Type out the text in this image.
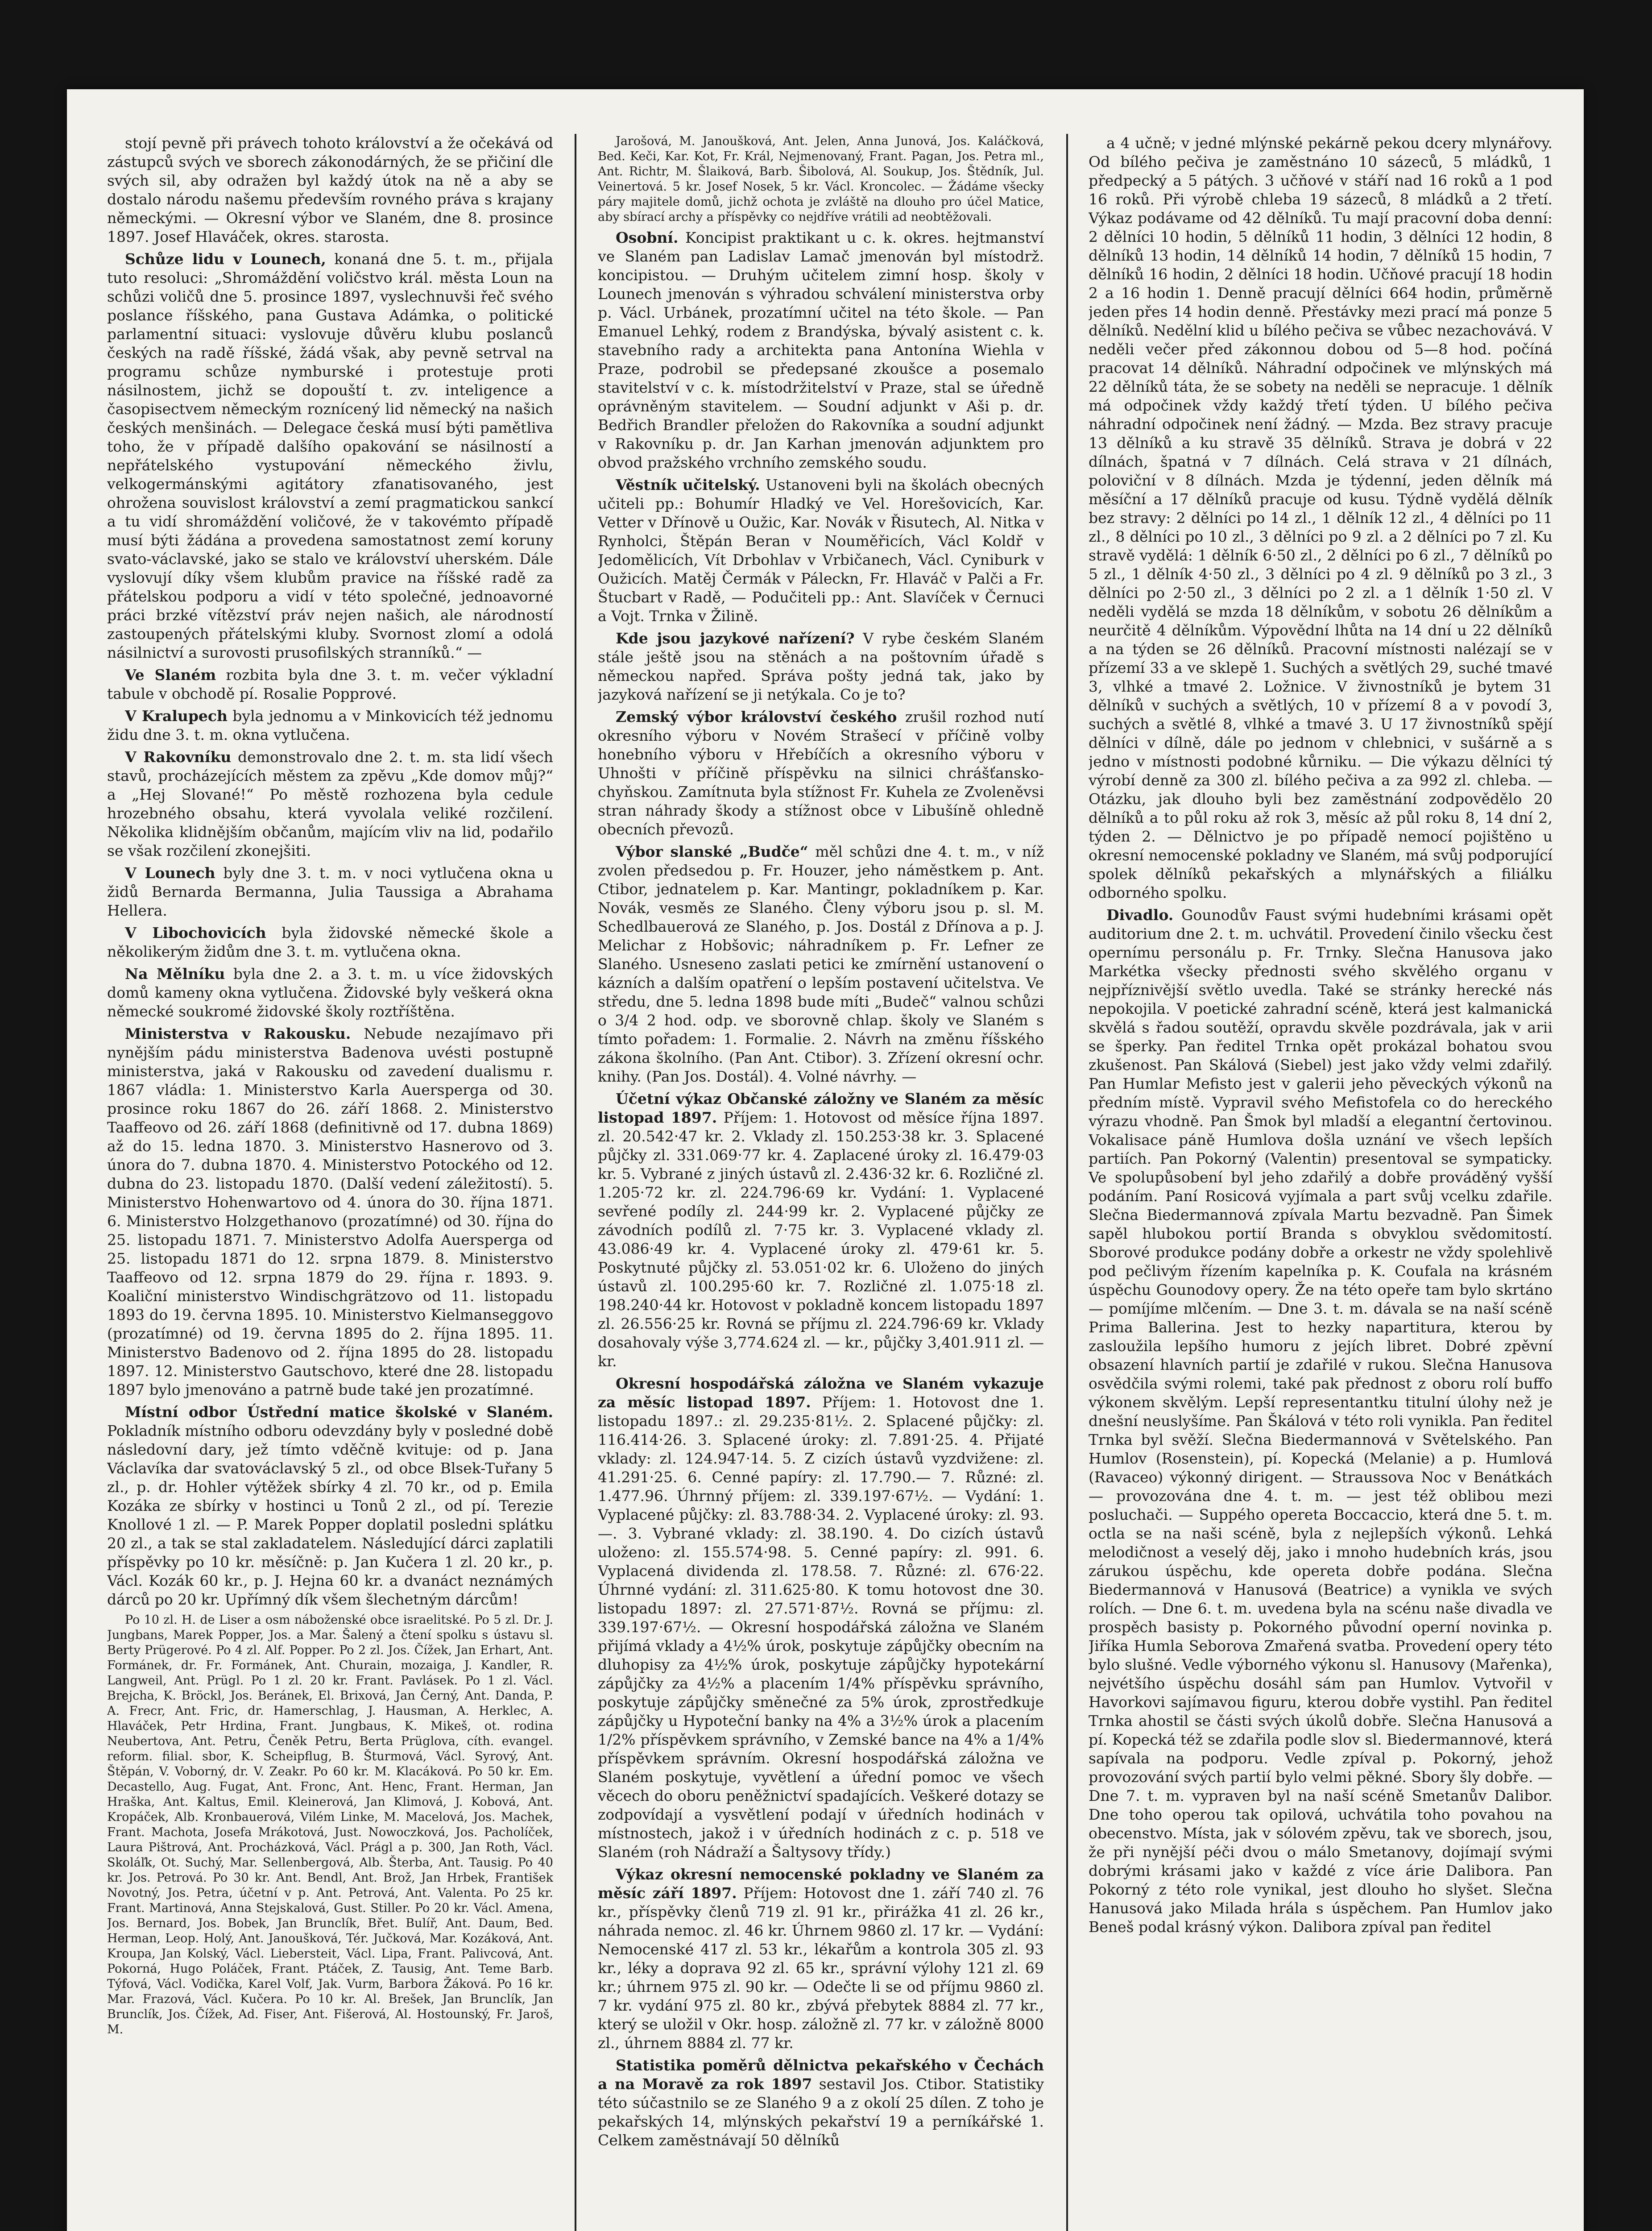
stojí pevně při právech tohoto království a že očekává od zástupců svých ve sborech zákonodárných, že se přičiní dle svých sil, aby odražen byl každý útok na ně a aby se dostalo národu našemu především rovného práva s krajany německými. — Okresní výbor ve Slaném, dne 8. prosince 1897. Josef Hlaváček, okres. starosta.

Schůze lidu v Lounech, konaná dne 5. t. m., přijala tuto resoluci: „Shromáždění voličstvo král. města Loun na schůzi voličů dne 5. prosince 1897, vyslechnuvši řeč svého poslance říšského, pana Gustava Adámka, o politické parlamentní situaci: vyslovuje důvěru klubu poslanců českých na radě říšské, žádá však, aby pevně setrval na programu schůze nymburské i protestuje proti násilnostem, jichž se dopouští t. zv. inteligence a časopisectvem německým roznícený lid německý na našich českých menšinách. — Delegace česká musí býti pamětliva toho, že v případě dalšího opakování se násilností a nepřátelského vystupování německého živlu, velkogermánskými agitátory zfanatisovaného, jest ohrožena souvislost království a zemí pragmatickou sankcí a tu vidí shromáždění voličové, že v takovémto případě musí býti žádána a provedena samostatnost zemí koruny svato-václavské, jako se stalo ve království uherském. Dále vyslovují díky všem klubům pravice na říšské radě za přátelskou podporu a vidí v této společné, jednoavorné práci brzké vítězství práv nejen našich, ale národností zastoupených přátelskými kluby. Svornost zlomí a odolá násilnictví a surovosti prusofilských stranníků.“ —

Ve Slaném rozbita byla dne 3. t. m. večer výkladní tabule v obchodě pí. Rosalie Popprové.

V Kralupech byla jednomu a v Minkovicích též jednomu židu dne 3. t. m. okna vytlučena.

V Rakovníku demonstrovalo dne 2. t. m. sta lidí všech stavů, procházejících městem za zpěvu „Kde domov můj?“ a „Hej Slované!“ Po městě rozhozena byla cedule hrozebného obsahu, která vyvolala veliké rozčilení. Několika klidnějším občanům, majícím vliv na lid, podařilo se však rozčilení zkonejšiti.

V Lounech byly dne 3. t. m. v noci vytlučena okna u židů Bernarda Bermanna, Julia Taussiga a Abrahama Hellera.

V Libochovicích byla židovské německé škole a několikerým židům dne 3. t. m. vytlučena okna.

Na Mělníku byla dne 2. a 3. t. m. u více židovských domů kameny okna vytlučena. Židovské byly veškerá okna německé soukromé židovské školy roztříštěna.

Ministerstva v Rakousku. Nebude nezajímavo při nynějším pádu ministerstva Badenova uvésti postupně ministerstva, jaká v Rakousku od zavedení dualismu r. 1867 vládla: 1. Ministerstvo Karla Auersperga od 30. prosince roku 1867 do 26. září 1868. 2. Ministerstvo Taaffeovo od 26. září 1868 (definitivně od 17. dubna 1869) až do 15. ledna 1870. 3. Ministerstvo Hasnerovo od 3. února do 7. dubna 1870. 4. Ministerstvo Potockého od 12. dubna do 23. listopadu 1870. (Další vedení záležitostí). 5. Ministerstvo Hohenwartovo od 4. února do 30. října 1871. 6. Ministerstvo Holzgethanovo (prozatímné) od 30. října do 25. listopadu 1871. 7. Ministerstvo Adolfa Auersperga od 25. listopadu 1871 do 12. srpna 1879. 8. Ministerstvo Taaffeovo od 12. srpna 1879 do 29. října r. 1893. 9. Koaliční ministerstvo Windischgrätzovo od 11. listopadu 1893 do 19. června 1895. 10. Ministerstvo Kielmanseggovo (prozatímné) od 19. června 1895 do 2. října 1895. 11. Ministerstvo Badenovo od 2. října 1895 do 28. listopadu 1897. 12. Ministerstvo Gautschovo, které dne 28. listopadu 1897 bylo jmenováno a patrně bude také jen prozatímné.

Místní odbor Ústřední matice školské v Slaném. Pokladník místního odboru odevzdány byly v posledné době následovní dary, jež tímto vděčně kvituje: od p. Jana Václavíka dar svatováclavský 5 zl., od obce Blsek-Tuřany 5 zl., p. dr. Hohler výtěžek sbírky 4 zl. 70 kr., od p. Emila Kozáka ze sbírky v hostinci u Tonů 2 zl., od pí. Terezie Knollové 1 zl. — P. Marek Popper doplatil posledni splátku 20 zl., a tak se stal zakladatelem. Následující dárci zaplatili příspěvky po 10 kr. měsíčně: p. Jan Kučera 1 zl. 20 kr., p. Václ. Kozák 60 kr., p. J. Hejna 60 kr. a dvanáct neznámých dárců po 20 kr. Upřímný dík všem šlechetným dárcům!

Po 10 zl. H. de Liser a osm náboženské obce israelitské. Po 5 zl. Dr. J. Jungbans, Marek Popper, Jos. a Mar. Šalený a čtení spolku s ústavu sl. Berty Prügerové. Po 4 zl. Alf. Popper. Po 2 zl. Jos. Čížek, Jan Erhart, Ant. Formánek, dr. Fr. Formánek, Ant. Churain, mozaiga, J. Kandler, R. Langweil, Ant. Prügl. Po 1 zl. 20 kr. Frant. Pavlásek. Po 1 zl. Václ. Brejcha, K. Bröckl, Jos. Beránek, El. Brixová, Jan Černý, Ant. Danda, P. A. Frecr, Ant. Fric, dr. Hamerschlag, J. Hausman, A. Herklec, A. Hlaváček, Petr Hrdina, Frant. Jungbaus, K. Mikeš, ot. rodina Neubertova, Ant. Petru, Čeněk Petru, Berta Prüglova, cíth. evangel. reform. filial. sbor, K. Scheipflug, B. Šturmová, Václ. Syrový, Ant. Štěpán, V. Voborný, dr. V. Zeakr. Po 60 kr. M. Klacáková. Po 50 kr. Em. Decastello, Aug. Fugat, Ant. Fronc, Ant. Henc, Frant. Herman, Jan Hraška, Ant. Kaltus, Emil. Kleinerová, Jan Klimová, J. Kobová, Ant. Kropáček, Alb. Kronbauerová, Vilém Linke, M. Macelová, Jos. Machek, Frant. Machota, Josefa Mrákotová, Just. Nowoczková, Jos. Pacholíček, Laura Pištrová, Ant. Procházková, Václ. Prágl a p. 300, Jan Roth, Václ. Skoláľk, Ot. Suchý, Mar. Sellenbergová, Alb. Šterba, Ant. Tausig. Po 40 kr. Jos. Petrová. Po 30 kr. Ant. Bendl, Ant. Brož, Jan Hrbek, František Novotný, Jos. Petra, účetní v p. Ant. Petrová, Ant. Valenta. Po 25 kr. Frant. Martinová, Anna Stejskalová, Gust. Stiller. Po 20 kr. Václ. Amena, Jos. Bernard, Jos. Bobek, Jan Brunclík, Břet. Bulíř, Ant. Daum, Bed. Herman, Leop. Holý, Ant. Janoušková, Tér. Jučková, Mar. Kozáková, Ant. Kroupa, Jan Kolský, Václ. Liebersteit, Václ. Lipa, Frant. Palivcová, Ant. Pokorná, Hugo Poláček, Frant. Ptáček, Z. Tausig, Ant. Teme Barb. Týfová, Václ. Vodička, Karel Volf, Jak. Vurm, Barbora Žáková. Po 16 kr. Mar. Frazová, Václ. Kučera. Po 10 kr. Al. Brešek, Jan Brunclík, Jan Brunclík, Jos. Čížek, Ad. Fiser, Ant. Fišerová, Al. Hostounský, Fr. Jaroš, M.

Jarošová, M. Janoušková, Ant. Jelen, Anna Junová, Jos. Kaláčková, Bed. Keči, Kar. Kot, Fr. Král, Nejmenovaný, Frant. Pagan, Jos. Petra ml., Ant. Richtr, M. Šlaiková, Barb. Šibolová, Al. Soukup, Jos. Štědník, Jul. Veinertová. 5 kr. Josef Nosek, 5 kr. Václ. Kroncolec. — Žádáme všecky páry majitele domů, jichž ochota je zvláště na dlouho pro účel Matice, aby sbírací archy a příspěvky co nejdříve vrátili ad neobtěžovali.

Osobní. Koncipist praktikant u c. k. okres. hejtmanství ve Slaném pan Ladislav Lamač jmenován byl místodrž. koncipistou. — Druhým učitelem zimní hosp. školy v Lounech jmenován s výhradou schválení ministerstva orby p. Václ. Urbánek, prozatímní učitel na této škole. — Pan Emanuel Lehký, rodem z Brandýska, bývalý asistent c. k. stavebního rady a architekta pana Antonína Wiehla v Praze, podrobil se předepsané zkoušce a posemalo stavitelství v c. k. místodržitelství v Praze, stal se úředně oprávněným stavitelem. — Soudní adjunkt v Aši p. dr. Bedřich Brandler přeložen do Rakovníka a soudní adjunkt v Rakovníku p. dr. Jan Karhan jmenován adjunktem pro obvod pražského vrchního zemského soudu.

Věstník učitelský. Ustanoveni byli na školách obecných učiteli pp.: Bohumír Hladký ve Vel. Horešovicích, Kar. Vetter v Dřínově u Oužic, Kar. Novák v Řisutech, Al. Nitka v Rynholci, Štěpán Beran v Nouměřicích, Václ Koldř v Jedomělicích, Vít Drbohlav v Vrbičanech, Václ. Cyniburk v Oužicích. Matěj Čermák v Páleckn, Fr. Hlaváč v Palči a Fr. Štucbart v Radě, — Podučiteli pp.: Ant. Slavíček v Černuci a Vojt. Trnka v Žilině.

Kde jsou jazykové nařízení? V rybe českém Slaném stále ještě jsou na stěnách a na poštovním úřadě s německou napřed. Správa pošty jedná tak, jako by jazyková nařízení se ji netýkala. Co je to?

Zemský výbor království českého zrušil rozhod nutí okresního výboru v Novém Strašecí v příčině volby honebního výboru v Hřebíčích a okresního výboru v Uhnošti v příčině příspěvku na silnici chrášťansko-chyňskou. Zamítnuta byla stížnost Fr. Kuhela ze Zvoleněvsi stran náhrady škody a stížnost obce v Libušíně ohledně obecních převozů.

Výbor slanské „Budče“ měl schůzi dne 4. t. m., v níž zvolen předsedou p. Fr. Houzer, jeho náměstkem p. Ant. Ctibor, jednatelem p. Kar. Mantingr, pokladníkem p. Kar. Novák, vesměs ze Slaného. Členy výboru jsou p. sl. M. Schedlbauerová ze Slaného, p. Jos. Dostál z Dřínova a p. J. Melichar z Hobšovic; náhradníkem p. Fr. Lefner ze Slaného. Usneseno zaslati petici ke zmírnění ustanovení o kázních a dalším opatření o lepším postavení učitelstva. Ve středu, dne 5. ledna 1898 bude míti „Budeč“ valnou schůzi o 3/4 2 hod. odp. ve sborovně chlap. školy ve Slaném s tímto pořadem: 1. Formalie. 2. Návrh na změnu říšského zákona školního. (Pan Ant. Ctibor). 3. Zřízení okresní ochr. knihy. (Pan Jos. Dostál). 4. Volné návrhy. —

Účetní výkaz Občanské záložny ve Slaném za měsíc listopad 1897. Příjem: 1. Hotovost od měsíce října 1897. zl. 20.542·47 kr. 2. Vklady zl. 150.253·38 kr. 3. Splacené půjčky zl. 331.069·77 kr. 4. Zaplacené úroky zl. 16.479·03 kr. 5. Vybrané z jiných ústavů zl. 2.436·32 kr. 6. Rozličné zl. 1.205·72 kr. zl. 224.796·69 kr. Vydání: 1. Vyplacené sevřené podíly zl. 244·99 kr. 2. Vyplacené půjčky ze závodních podílů zl. 7·75 kr. 3. Vyplacené vklady zl. 43.086·49 kr. 4. Vyplacené úroky zl. 479·61 kr. 5. Poskytnuté půjčky zl. 53.051·02 kr. 6. Uloženo do jiných ústavů zl. 100.295·60 kr. 7. Rozličné zl. 1.075·18 zl. 198.240·44 kr. Hotovost v pokladně koncem listopadu 1897 zl. 26.556·25 kr. Rovná se příjmu zl. 224.796·69 kr. Vklady dosahovaly výše 3,774.624 zl. — kr., půjčky 3,401.911 zl. — kr.

Okresní hospodářská záložna ve Slaném vykazuje za měsíc listopad 1897. Příjem: 1. Hotovost dne 1. listopadu 1897.: zl. 29.235·81½. 2. Splacené půjčky: zl. 116.414·26. 3. Splacené úroky: zl. 7.891·25. 4. Přijaté vklady: zl. 124.947·14. 5. Z cizích ústavů vyzdvižene: zl. 41.291·25. 6. Cenné papíry: zl. 17.790.— 7. Různé: zl. 1.477.96. Úhrnný příjem: zl. 339.197·67½. — Vydání: 1. Vyplacené půjčky: zl. 83.788·34. 2. Vyplacené úroky: zl. 93.—. 3. Vybrané vklady: zl. 38.190. 4. Do cizích ústavů uloženo: zl. 155.574·98. 5. Cenné papíry: zl. 991. 6. Vyplacená dividenda zl. 178.58. 7. Různé: zl. 676·22. Úhrnné vydání: zl. 311.625·80. K tomu hotovost dne 30. listopadu 1897: zl. 27.571·87½. Rovná se příjmu: zl. 339.197·67½. — Okresní hospodářská záložna ve Slaném přijímá vklady a 4½% úrok, poskytuje zápůjčky obecním na dluhopisy za 4½% úrok, poskytuje zápůjčky hypotekární zápůjčky za 4½% a placením 1/4% příspěvku správního, poskytuje zápůjčky směnečné za 5% úrok, zprostředkuje zápůjčky u Hypoteční banky na 4% a 3½% úrok a placením 1/2% příspěvkem správního, v Zemské bance na 4% a 1/4% příspěvkem správním. Okresní hospodářská záložna ve Slaném poskytuje, vyvětlení a úřední pomoc ve všech věcech do oboru peněžnictví spadajících. Veškeré dotazy se zodpovídají a vysvětlení podají v úředních hodinách v místnostech, jakož i v úředních hodinách z c. p. 518 ve Slaném (roh Nádraží a Šaltysovy třídy.)

Výkaz okresní nemocenské pokladny ve Slaném za měsíc září 1897. Příjem: Hotovost dne 1. září 740 zl. 76 kr., příspěvky členů 719 zl. 91 kr., přirážka 41 zl. 26 kr., náhrada nemoc. zl. 46 kr. Úhrnem 9860 zl. 17 kr. — Vydání: Nemocenské 417 zl. 53 kr., lékařům a kontrola 305 zl. 93 kr., léky a doprava 92 zl. 65 kr., správní výlohy 121 zl. 69 kr.; úhrnem 975 zl. 90 kr. — Odečte li se od příjmu 9860 zl. 7 kr. vydání 975 zl. 80 kr., zbývá přebytek 8884 zl. 77 kr., který se uložil v Okr. hosp. záložně zl. 77 kr. v záložně 8000 zl., úhrnem 8884 zl. 77 kr.

Statistika poměrů dělnictva pekařského v Čechách a na Moravě za rok 1897 sestavil Jos. Ctibor. Statistiky této súčastnilo se ze Slaného 9 a z okolí 25 dílen. Z toho je pekařských 14, mlýnských pekařství 19 a perníkářské 1. Celkem zaměstnávají 50 dělníků

a 4 učně; v jedné mlýnské pekárně pekou dcery mlynářovy. Od bílého pečiva je zaměstnáno 10 sázeců, 5 mládků, 1 předpecký a 5 pátých. 3 učňové v stáří nad 16 roků a 1 pod 16 roků. Při výrobě chleba 19 sázeců, 8 mládků a 2 třetí. Výkaz podávame od 42 dělníků. Tu mají pracovní doba denní: 2 dělníci 10 hodin, 5 dělníků 11 hodin, 3 dělníci 12 hodin, 8 dělníků 13 hodin, 14 dělníků 14 hodin, 7 dělníků 15 hodin, 7 dělníků 16 hodin, 2 dělníci 18 hodin. Učňové pracují 18 hodin 2 a 16 hodin 1. Denně pracují dělníci 664 hodin, průměrně jeden přes 14 hodin denně. Přestávky mezi prací má ponze 5 dělníků. Nedělní klid u bílého pečiva se vůbec nezachovává. V neděli večer před zákonnou dobou od 5—8 hod. počíná pracovat 14 dělníků. Náhradní odpočinek ve mlýnských má 22 dělníků táta, že se sobety na neděli se nepracuje. 1 dělník má odpočinek vždy každý třetí týden. U bílého pečiva náhradní odpočinek není žádný. — Mzda. Bez stravy pracuje 13 dělníků a ku stravě 35 dělníků. Strava je dobrá v 22 dílnách, špatná v 7 dílnách. Celá strava v 21 dílnách, poloviční v 8 dílnách. Mzda je týdenní, jeden dělník má měsíční a 17 dělníků pracuje od kusu. Týdně vydělá dělník bez stravy: 2 dělníci po 14 zl., 1 dělník 12 zl., 4 dělníci po 11 zl., 8 dělníci po 10 zl., 3 dělníci po 9 zl. a 2 dělníci po 7 zl. Ku stravě vydělá: 1 dělník 6·50 zl., 2 dělníci po 6 zl., 7 dělníků po 5 zl., 1 dělník 4·50 zl., 3 dělníci po 4 zl. 9 dělníků po 3 zl., 3 dělníci po 2·50 zl., 3 dělníci po 2 zl. a 1 dělník 1·50 zl. V neděli vydělá se mzda 18 dělníkům, v sobotu 26 dělníkům a neurčitě 4 dělníkům. Výpovědní lhůta na 14 dní u 22 dělníků a na týden se 26 dělníků. Pracovní místnosti nalézají se v přízemí 33 a ve sklepě 1. Suchých a světlých 29, suché tmavé 3, vlhké a tmavé 2. Ložnice. V živnostníků je bytem 31 dělníků v suchých a světlých, 10 v přízemí 8 a v povodí 3, suchých a světlé 8, vlhké a tmavé 3. U 17 živnostníků spějí dělníci v dílně, dále po jednom v chlebnici, v sušárně a s jedno v místnosti podobné kůrniku. — Die výkazu dělníci tý výrobí denně za 300 zl. bílého pečiva a za 992 zl. chleba. — Otázku, jak dlouho byli bez zaměstnání zodpovědělo 20 dělníků a to půl roku až rok 3, měsíc až půl roku 8, 14 dní 2, týden 2. — Dělnictvo je po případě nemocí pojištěno u okresní nemocenské pokladny ve Slaném, má svůj podporující spolek dělníků pekařských a mlynářských a filiálku odborného spolku.

Divadlo. Gounodův Faust svými hudebními krásami opět auditorium dne 2. t. m. uchvátil. Provedení činilo všecku čest opernímu personálu p. Fr. Trnky. Slečna Hanusova jako Markétka všecky přednosti svého skvělého organu v nejpříznivější světlo uvedla. Také se stránky herecké nás nepokojila. V poetické zahradní scéně, která jest kalmanická skvělá s řadou soutěží, opravdu skvěle pozdrávala, jak v arii se šperky. Pan ředitel Trnka opět prokázal bohatou svou zkušenost. Pan Skálová (Siebel) jest jako vždy velmi zdařilý. Pan Humlar Mefisto jest v galerii jeho pěveckých výkonů na předním místě. Vypravil svého Mefistofela co do hereckého výrazu vhodně. Pan Šmok byl mladší a elegantní čertovinou. Vokalisace páně Humlova došla uznání ve všech lepších partiích. Pan Pokorný (Valentin) presentoval se sympaticky. Ve spolupůsobení byl jeho zdařilý a dobře prováděný vyšší podáním. Paní Rosicová vyjímala a part svůj vcelku zdařile. Slečna Biedermannová zpívala Martu bezvadně. Pan Šimek sapěl hlubokou portií Branda s obvyklou svědomitostí. Sborové produkce podány dobře a orkestr ne vždy spolehlivě pod pečlivým řízením kapelníka p. K. Coufala na krásném úspěchu Gounodovy opery. Že na této opeře tam bylo skrtáno — pomíjíme mlčením. — Dne 3. t. m. dávala se na naší scéně Prima Ballerina. Jest to hezky napartitura, kterou by zasloužila lepšího humoru z jejích libret. Dobré zpěvní obsazení hlavních partií je zdařilé v rukou. Slečna Hanusova osvědčila svými rolemi, také pak přednost z oboru rolí buffo výkonem skvělým. Lepší representantku titulní úlohy než je dnešní neuslyšíme. Pan Škálová v této roli vynikla. Pan ředitel Trnka byl svěží. Slečna Biedermannová v Světelského. Pan Humlov (Rosenstein), pí. Kopecká (Melanie) a p. Humlová (Ravaceo) výkonný dirigent. — Straussova Noc v Benátkách — provozována dne 4. t. m. — jest též oblibou mezi posluchači. — Suppého opereta Boccaccio, která dne 5. t. m. octla se na naši scéně, byla z nejlepších výkonů. Lehká melodičnost a veselý děj, jako i mnoho hudebních krás, jsou zárukou úspěchu, kde opereta dobře podána. Slečna Biedermannová v Hanusová (Beatrice) a vynikla ve svých rolích. — Dne 6. t. m. uvedena byla na scénu naše divadla ve prospěch basisty p. Pokorného původní operní novinka p. Jiříka Humla Seborova Zmařená svatba. Provedení opery této bylo slušné. Vedle výborného výkonu sl. Hanusovy (Mařenka), nejvétšího úspěchu dosáhl sám pan Humlov. Vytvořil v Havorkovi sajímavou figuru, kterou dobře vystihl. Pan ředitel Trnka ahostil se části svých úkolů dobře. Slečna Hanusová a pí. Kopecká též se zdařila podle slov sl. Biedermannové, která sapívala na podporu. Vedle zpíval p. Pokorný, jehož provozování svých partií bylo velmi pěkné. Sbory šly dobře. — Dne 7. t. m. vypraven byl na naší scéně Smetanův Dalibor. Dne toho operou tak opilová, uchvátila toho povahou na obecenstvo. Místa, jak v sólovém zpěvu, tak ve sborech, jsou, že při nynější péči dvou o málo Smetanovy, dojímají svými dobrými krásami jako v každé z více árie Dalibora. Pan Pokorný z této role vynikal, jest dlouho ho slyšet. Slečna Hanusová jako Milada hrála s úspěchem. Pan Humlov jako Beneš podal krásný výkon. Dalibora zpíval pan ředitel
